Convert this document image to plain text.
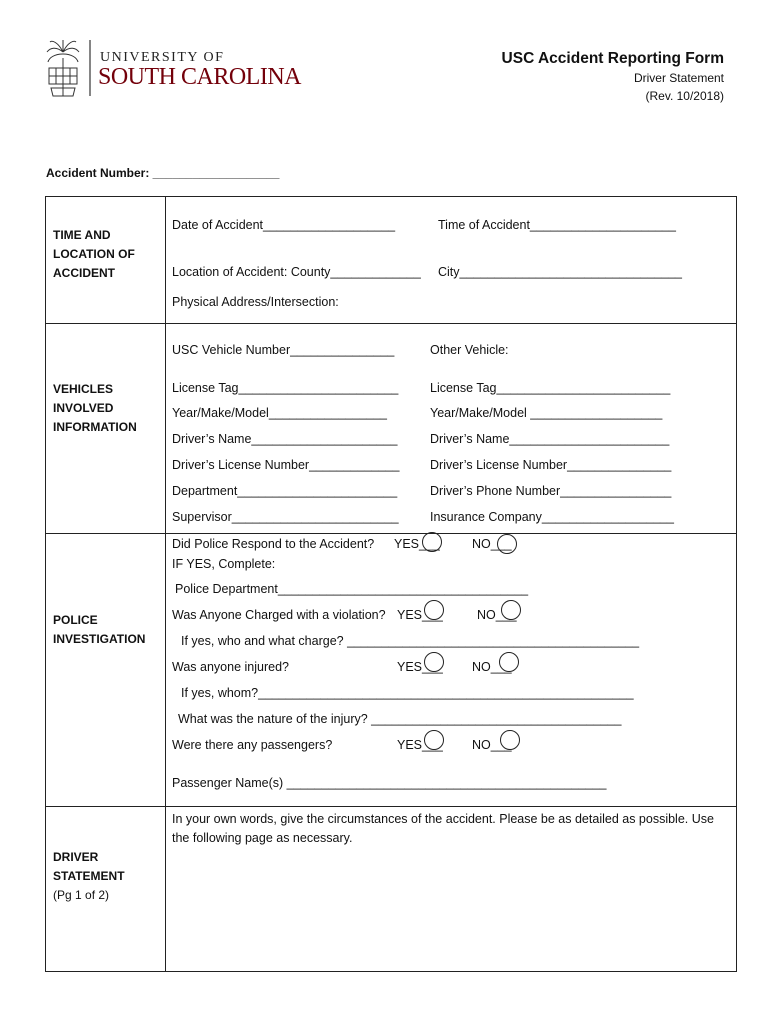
UNIVERSITY OF
SOUTH CAROLINA
USC Accident Reporting Form
Driver Statement
(Rev. 10/2018)
Accident Number: ___________________
TIME AND
LOCATION OF
ACCIDENT
Date of Accident___________________	Time of Accident_____________________
Location of Accident: County_____________ City________________________________
Physical Address/Intersection:
VEHICLES
INVOLVED
INFORMATION
USC Vehicle Number_______________	Other Vehicle:
License Tag_______________________	License Tag_________________________
Year/Make/Model_________________	Year/Make/Model ___________________
Driver’s Name_____________________	Driver’s Name_______________________
Driver’s License Number_____________ Driver’s License Number_______________
Department_______________________	Driver’s Phone Number________________
Supervisor________________________	Insurance Company___________________
POLICE
INVESTIGATION
Did Police Respond to the Accident? YES___	NO___
IF YES, Complete:
Police Department____________________________________
Was Anyone Charged with a violation? YES___	NO___
If yes, who and what charge? __________________________________________
Was anyone injured?	YES___ NO___
If yes, whom?______________________________________________________
What was the nature of the injury? ____________________________________
Were there any passengers?	YES___ NO___
Passenger Name(s) ______________________________________________
DRIVER
STATEMENT
(Pg 1 of 2)
In your own words, give the circumstances of the accident. Please be as detailed as possible. Use
the following page as necessary.
